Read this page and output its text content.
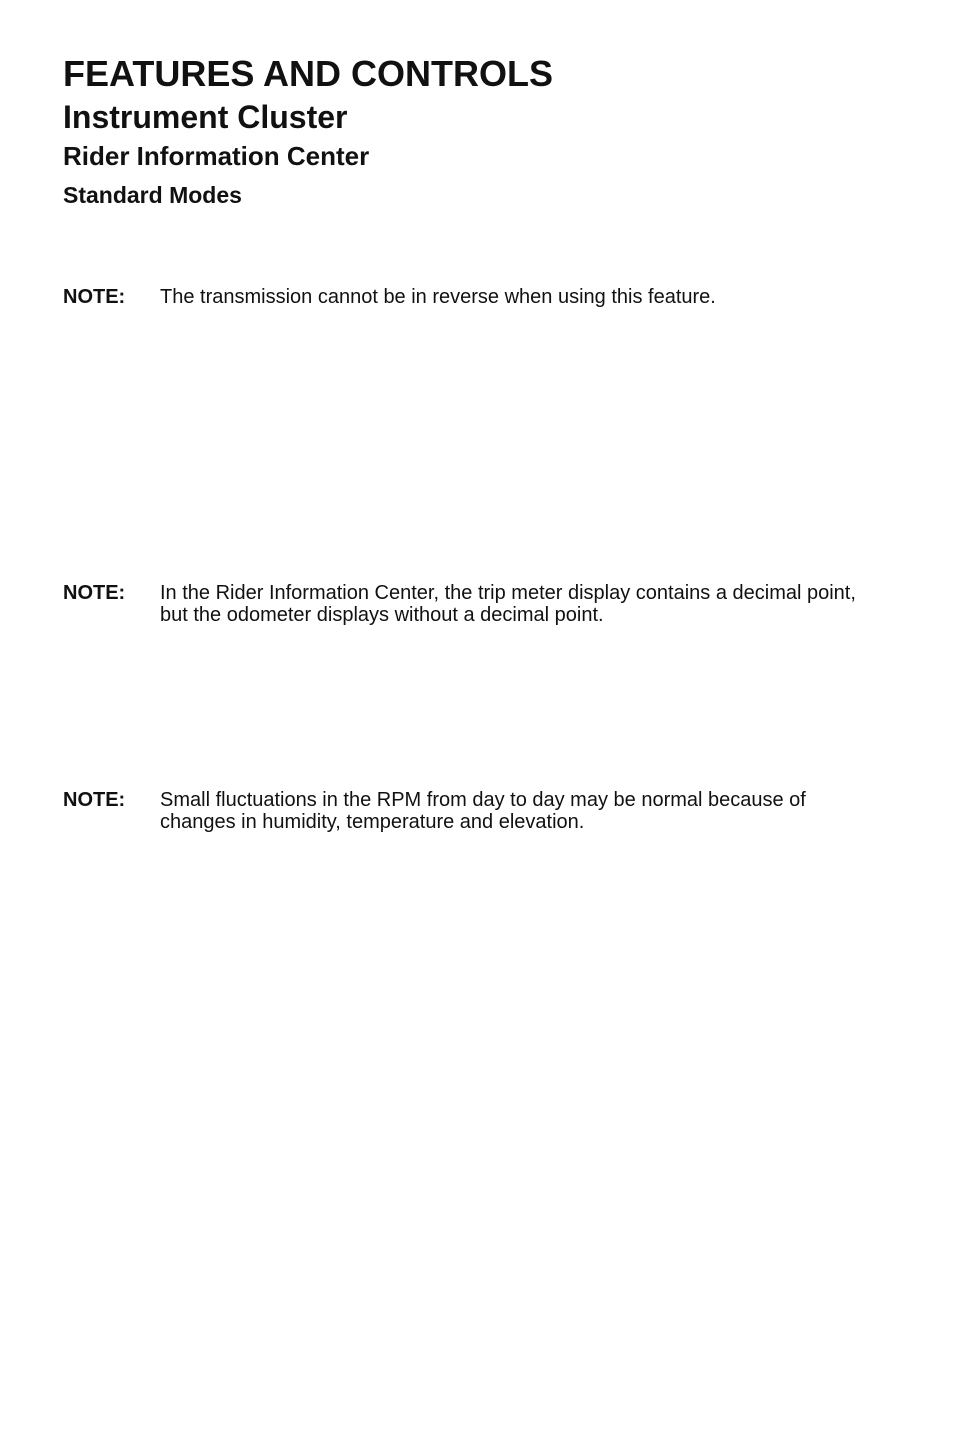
FEATURES AND CONTROLS
Instrument Cluster
Rider Information Center
Standard Modes
NOTE: The transmission cannot be in reverse when using this feature.
NOTE: In the Rider Information Center, the trip meter display contains a decimal point, but the odometer displays without a decimal point.
NOTE: Small fluctuations in the RPM from day to day may be normal because of changes in humidity, temperature and elevation.
